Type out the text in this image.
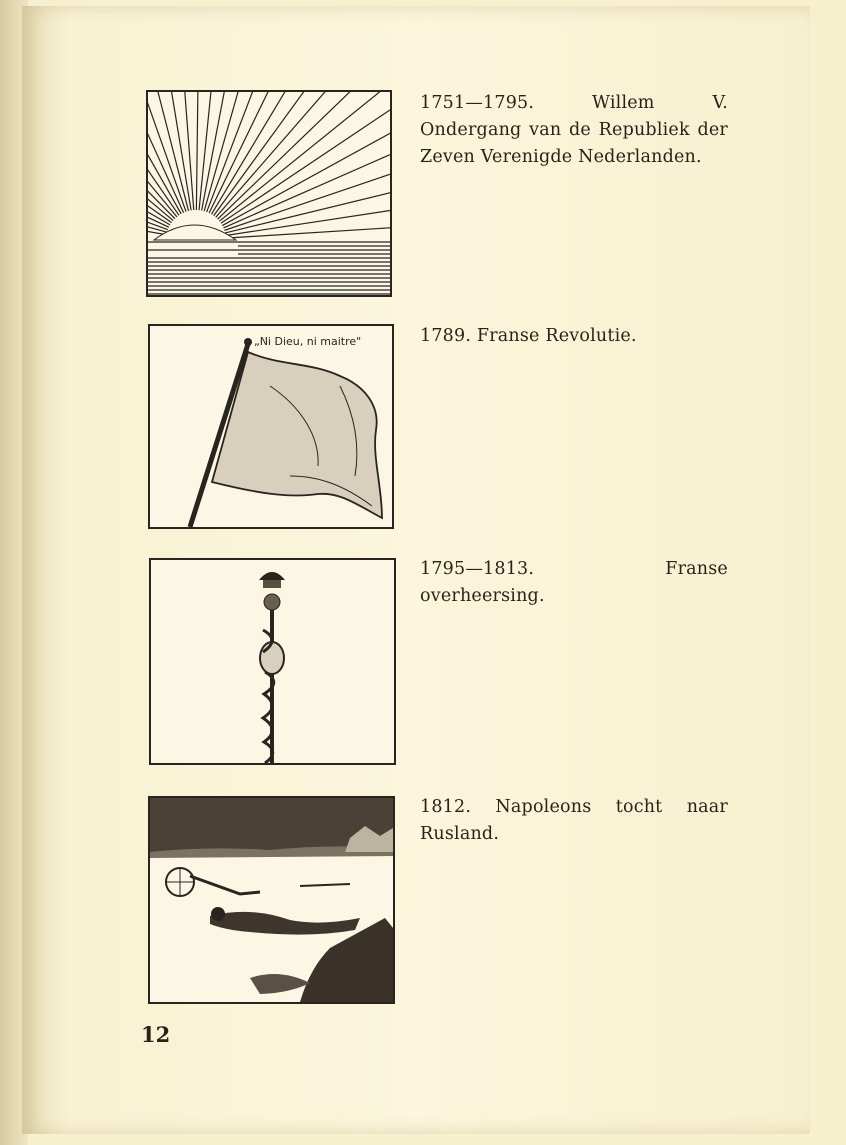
„Ni Dieu, ni maitre"
1751—1795. Willem V. Ondergang van de Republiek der Zeven Verenigde Nederlanden.
1789. Franse Revolutie.
1795—1813. Franse overheersing.
1812. Napoleons tocht naar Rusland.
12
